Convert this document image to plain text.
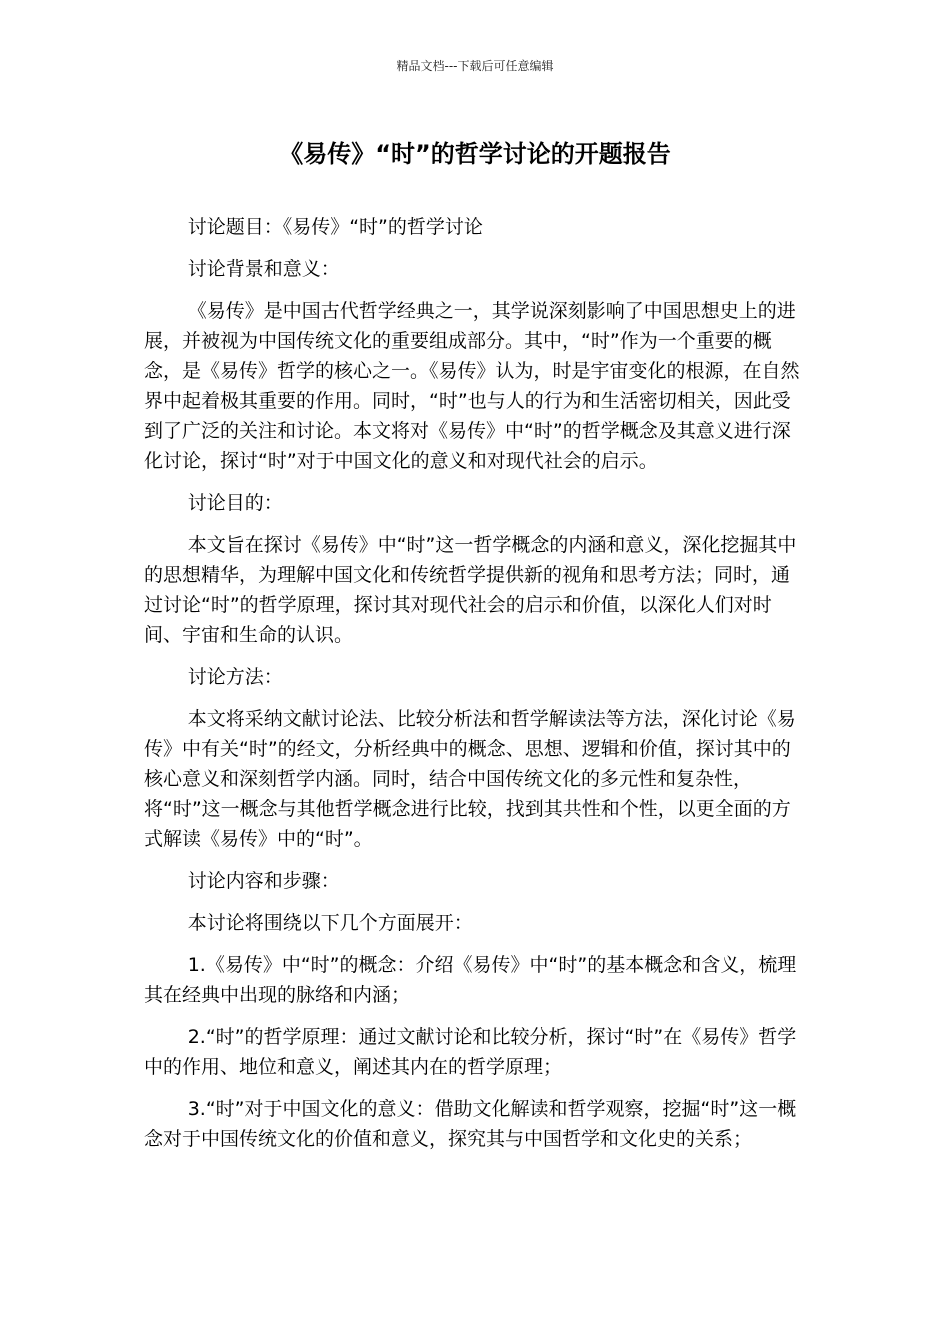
精品文档---下载后可任意编辑
《易传》“时”的哲学讨论的开题报告

讨论题目：《易传》“时”的哲学讨论

讨论背景和意义：

《易传》是中国古代哲学经典之一，其学说深刻影响了中国思想史上的进展，并被视为中国传统文化的重要组成部分。其中，“时”作为一个重要的概念，是《易传》哲学的核心之一。《易传》认为，时是宇宙变化的根源，在自然界中起着极其重要的作用。同时，“时”也与人的行为和生活密切相关，因此受到了广泛的关注和讨论。本文将对《易传》中“时”的哲学概念及其意义进行深化讨论，探讨“时”对于中国文化的意义和对现代社会的启示。

讨论目的：

本文旨在探讨《易传》中“时”这一哲学概念的内涵和意义，深化挖掘其中的思想精华，为理解中国文化和传统哲学提供新的视角和思考方法；同时，通过讨论“时”的哲学原理，探讨其对现代社会的启示和价值，以深化人们对时间、宇宙和生命的认识。

讨论方法：

本文将采纳文献讨论法、比较分析法和哲学解读法等方法，深化讨论《易传》中有关“时”的经文，分析经典中的概念、思想、逻辑和价值，探讨其中的核心意义和深刻哲学内涵。同时，结合中国传统文化的多元性和复杂性，将“时”这一概念与其他哲学概念进行比较，找到其共性和个性，以更全面的方式解读《易传》中的“时”。

讨论内容和步骤：

本讨论将围绕以下几个方面展开：

1.《易传》中“时”的概念：介绍《易传》中“时”的基本概念和含义，梳理其在经典中出现的脉络和内涵；

2.“时”的哲学原理：通过文献讨论和比较分析，探讨“时”在《易传》哲学中的作用、地位和意义，阐述其内在的哲学原理；

3.“时”对于中国文化的意义：借助文化解读和哲学观察，挖掘“时”这一概念对于中国传统文化的价值和意义，探究其与中国哲学和文化史的关系；
